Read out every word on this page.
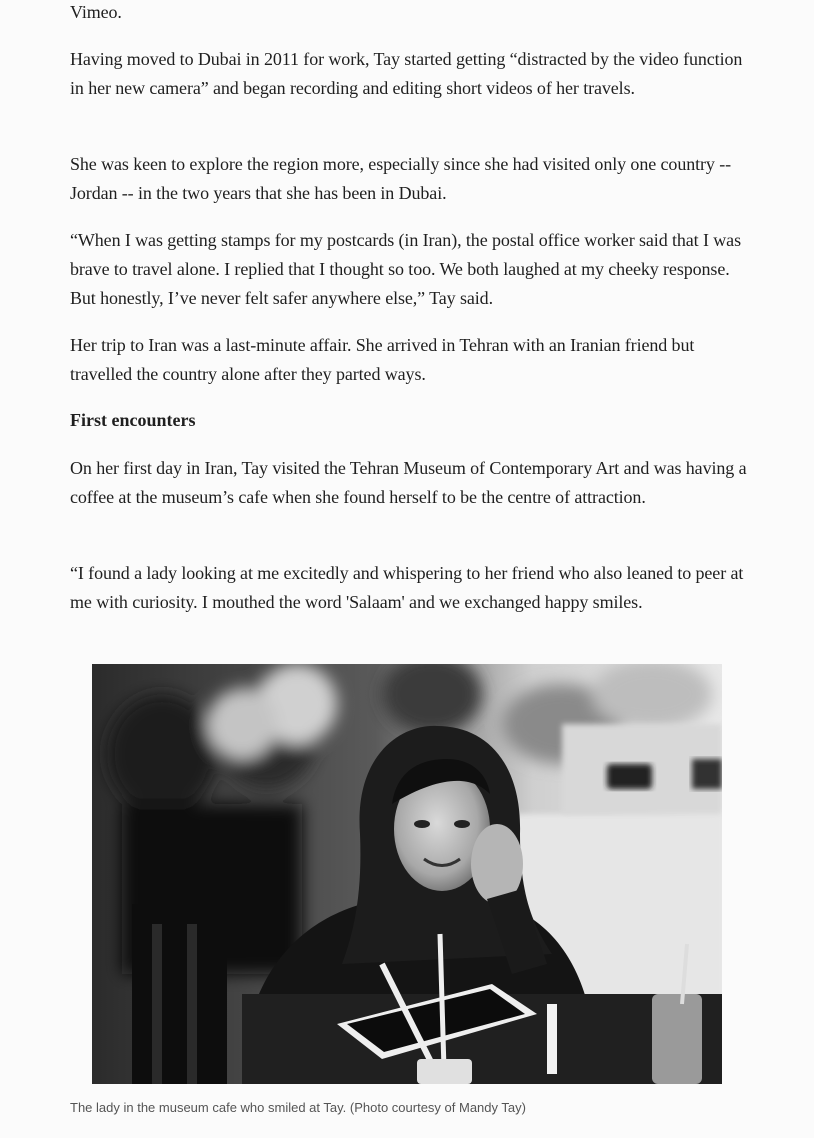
Vimeo.

Having moved to Dubai in 2011 for work, Tay started getting “distracted by the video function in her new camera” and began recording and editing short videos of her travels.

She was keen to explore the region more, especially since she had visited only one country -- Jordan -- in the two years that she has been in Dubai.

“When I was getting stamps for my postcards (in Iran), the postal office worker said that I was brave to travel alone. I replied that I thought so too. We both laughed at my cheeky response. But honestly, I’ve never felt safer anywhere else,” Tay said.

Her trip to Iran was a last-minute affair. She arrived in Tehran with an Iranian friend but travelled the country alone after they parted ways.

First encounters

On her first day in Iran, Tay visited the Tehran Museum of Contemporary Art and was having a coffee at the museum’s cafe when she found herself to be the centre of attraction.

“I found a lady looking at me excitedly and whispering to her friend who also leaned to peer at me with curiosity. I mouthed the word 'Salaam' and we exchanged happy smiles.

The lady in the museum cafe who smiled at Tay. (Photo courtesy of Mandy Tay)
